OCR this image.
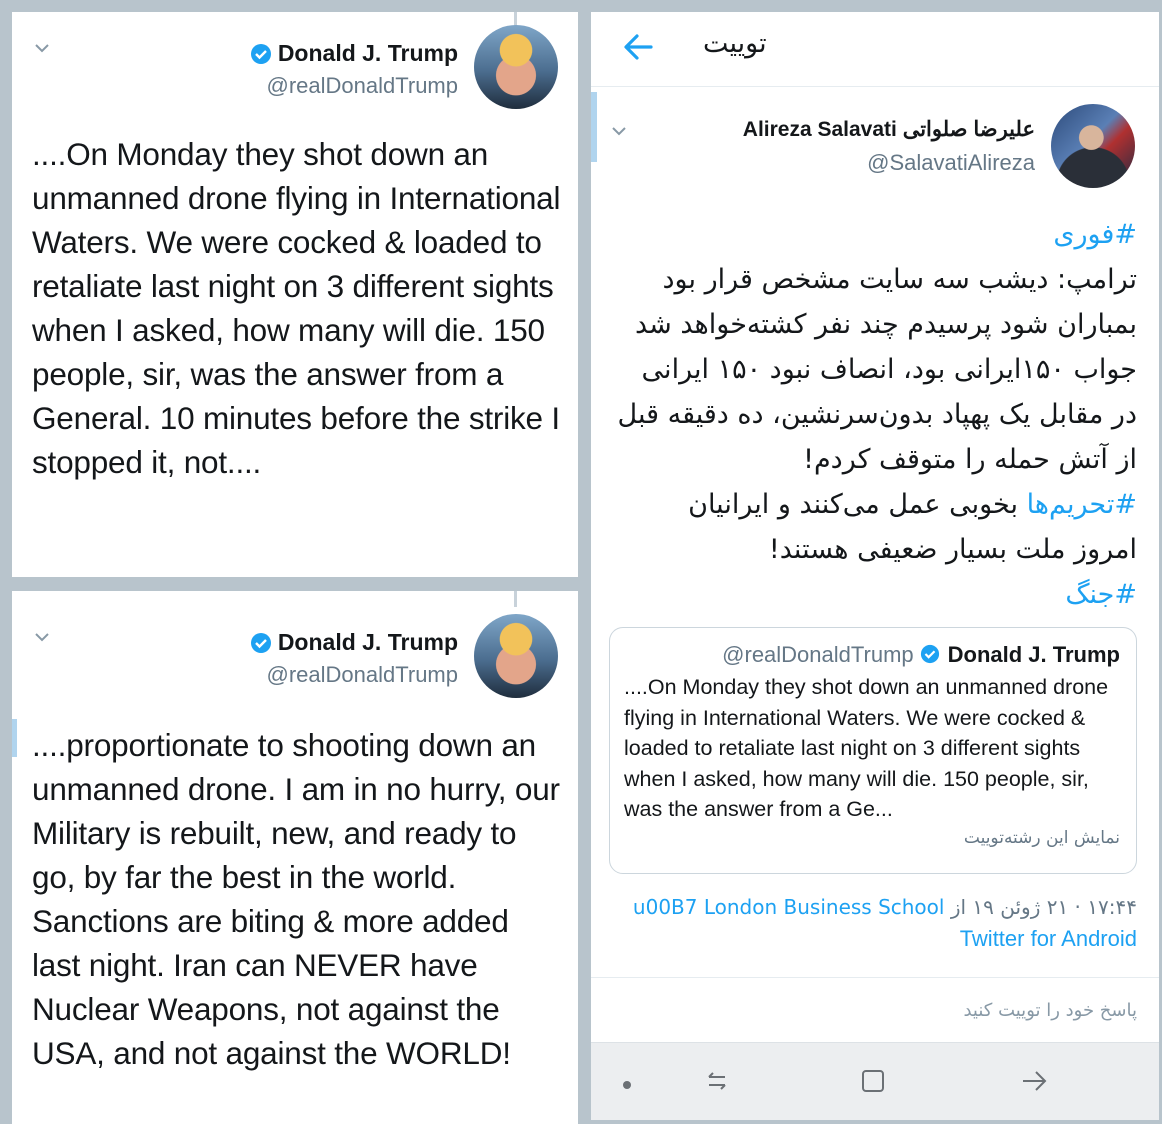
Donald J. Trump
@realDonaldTrump
....On Monday they shot down an unmanned drone flying in International Waters. We were cocked & loaded to retaliate last night on 3 different sights when I asked, how many will die. 150 people, sir, was the answer from a General. 10 minutes before the strike I stopped it, not....
Donald J. Trump
@realDonaldTrump
....proportionate to shooting down an unmanned drone. I am in no hurry, our Military is rebuilt, new, and ready to go, by far the best in the world. Sanctions are biting & more added last night. Iran can NEVER have Nuclear Weapons, not against the USA, and not against the WORLD!
توییت
Alireza Salavati علیرضا صلواتی
@SalavatiAlireza
#فوری
ترامپ: دیشب سه سایت مشخص قرار بود بمباران شود پرسیدم چند نفر کشته‌خواهد شد جواب ۱۵۰ایرانی بود، انصاف نبود ۱۵۰ ایرانی در مقابل یک پهپاد بدون‌سرنشین، ده دقیقه قبل از آتش حمله را متوقف کردم!
#تحریم‌ها بخوبی عمل می‌کنند و ایرانیان امروز ملت بسیار ضعیفی هستند!
#جنگ
@realDonaldTrump Donald J. Trump
....On Monday they shot down an unmanned drone flying in International Waters. We were cocked & loaded to retaliate last night on 3 different sights when I asked, how many will die. 150 people, sir, was the answer from a Ge...
نمایش این رشته‌توییت
۱۷:۴۴ · ۲۱ ژوئن ۱۹ از u00B7 London Business School
Twitter for Android
پاسخ خود را توییت کنید
